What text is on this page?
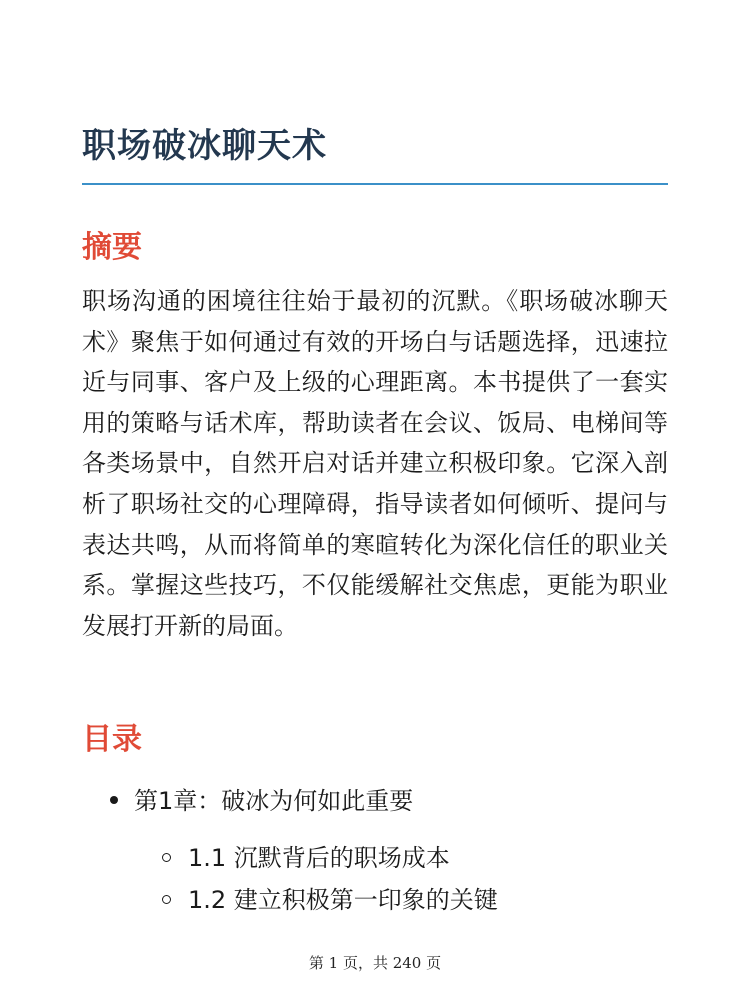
职场破冰聊天术
摘要

职场沟通的困境往往始于最初的沉默。《职场破冰聊天术》聚焦于如何通过有效的开场白与话题选择，迅速拉近与同事、客户及上级的心理距离。本书提供了一套实用的策略与话术库，帮助读者在会议、饭局、电梯间等各类场景中，自然开启对话并建立积极印象。它深入剖析了职场社交的心理障碍，指导读者如何倾听、提问与表达共鸣，从而将简单的寒暄转化为深化信任的职业关系。掌握这些技巧，不仅能缓解社交焦虑，更能为职业发展打开新的局面。

目录
第1章：破冰为何如此重要
1.1 沉默背后的职场成本
1.2 建立积极第一印象的关键
第 1 页，共 240 页
